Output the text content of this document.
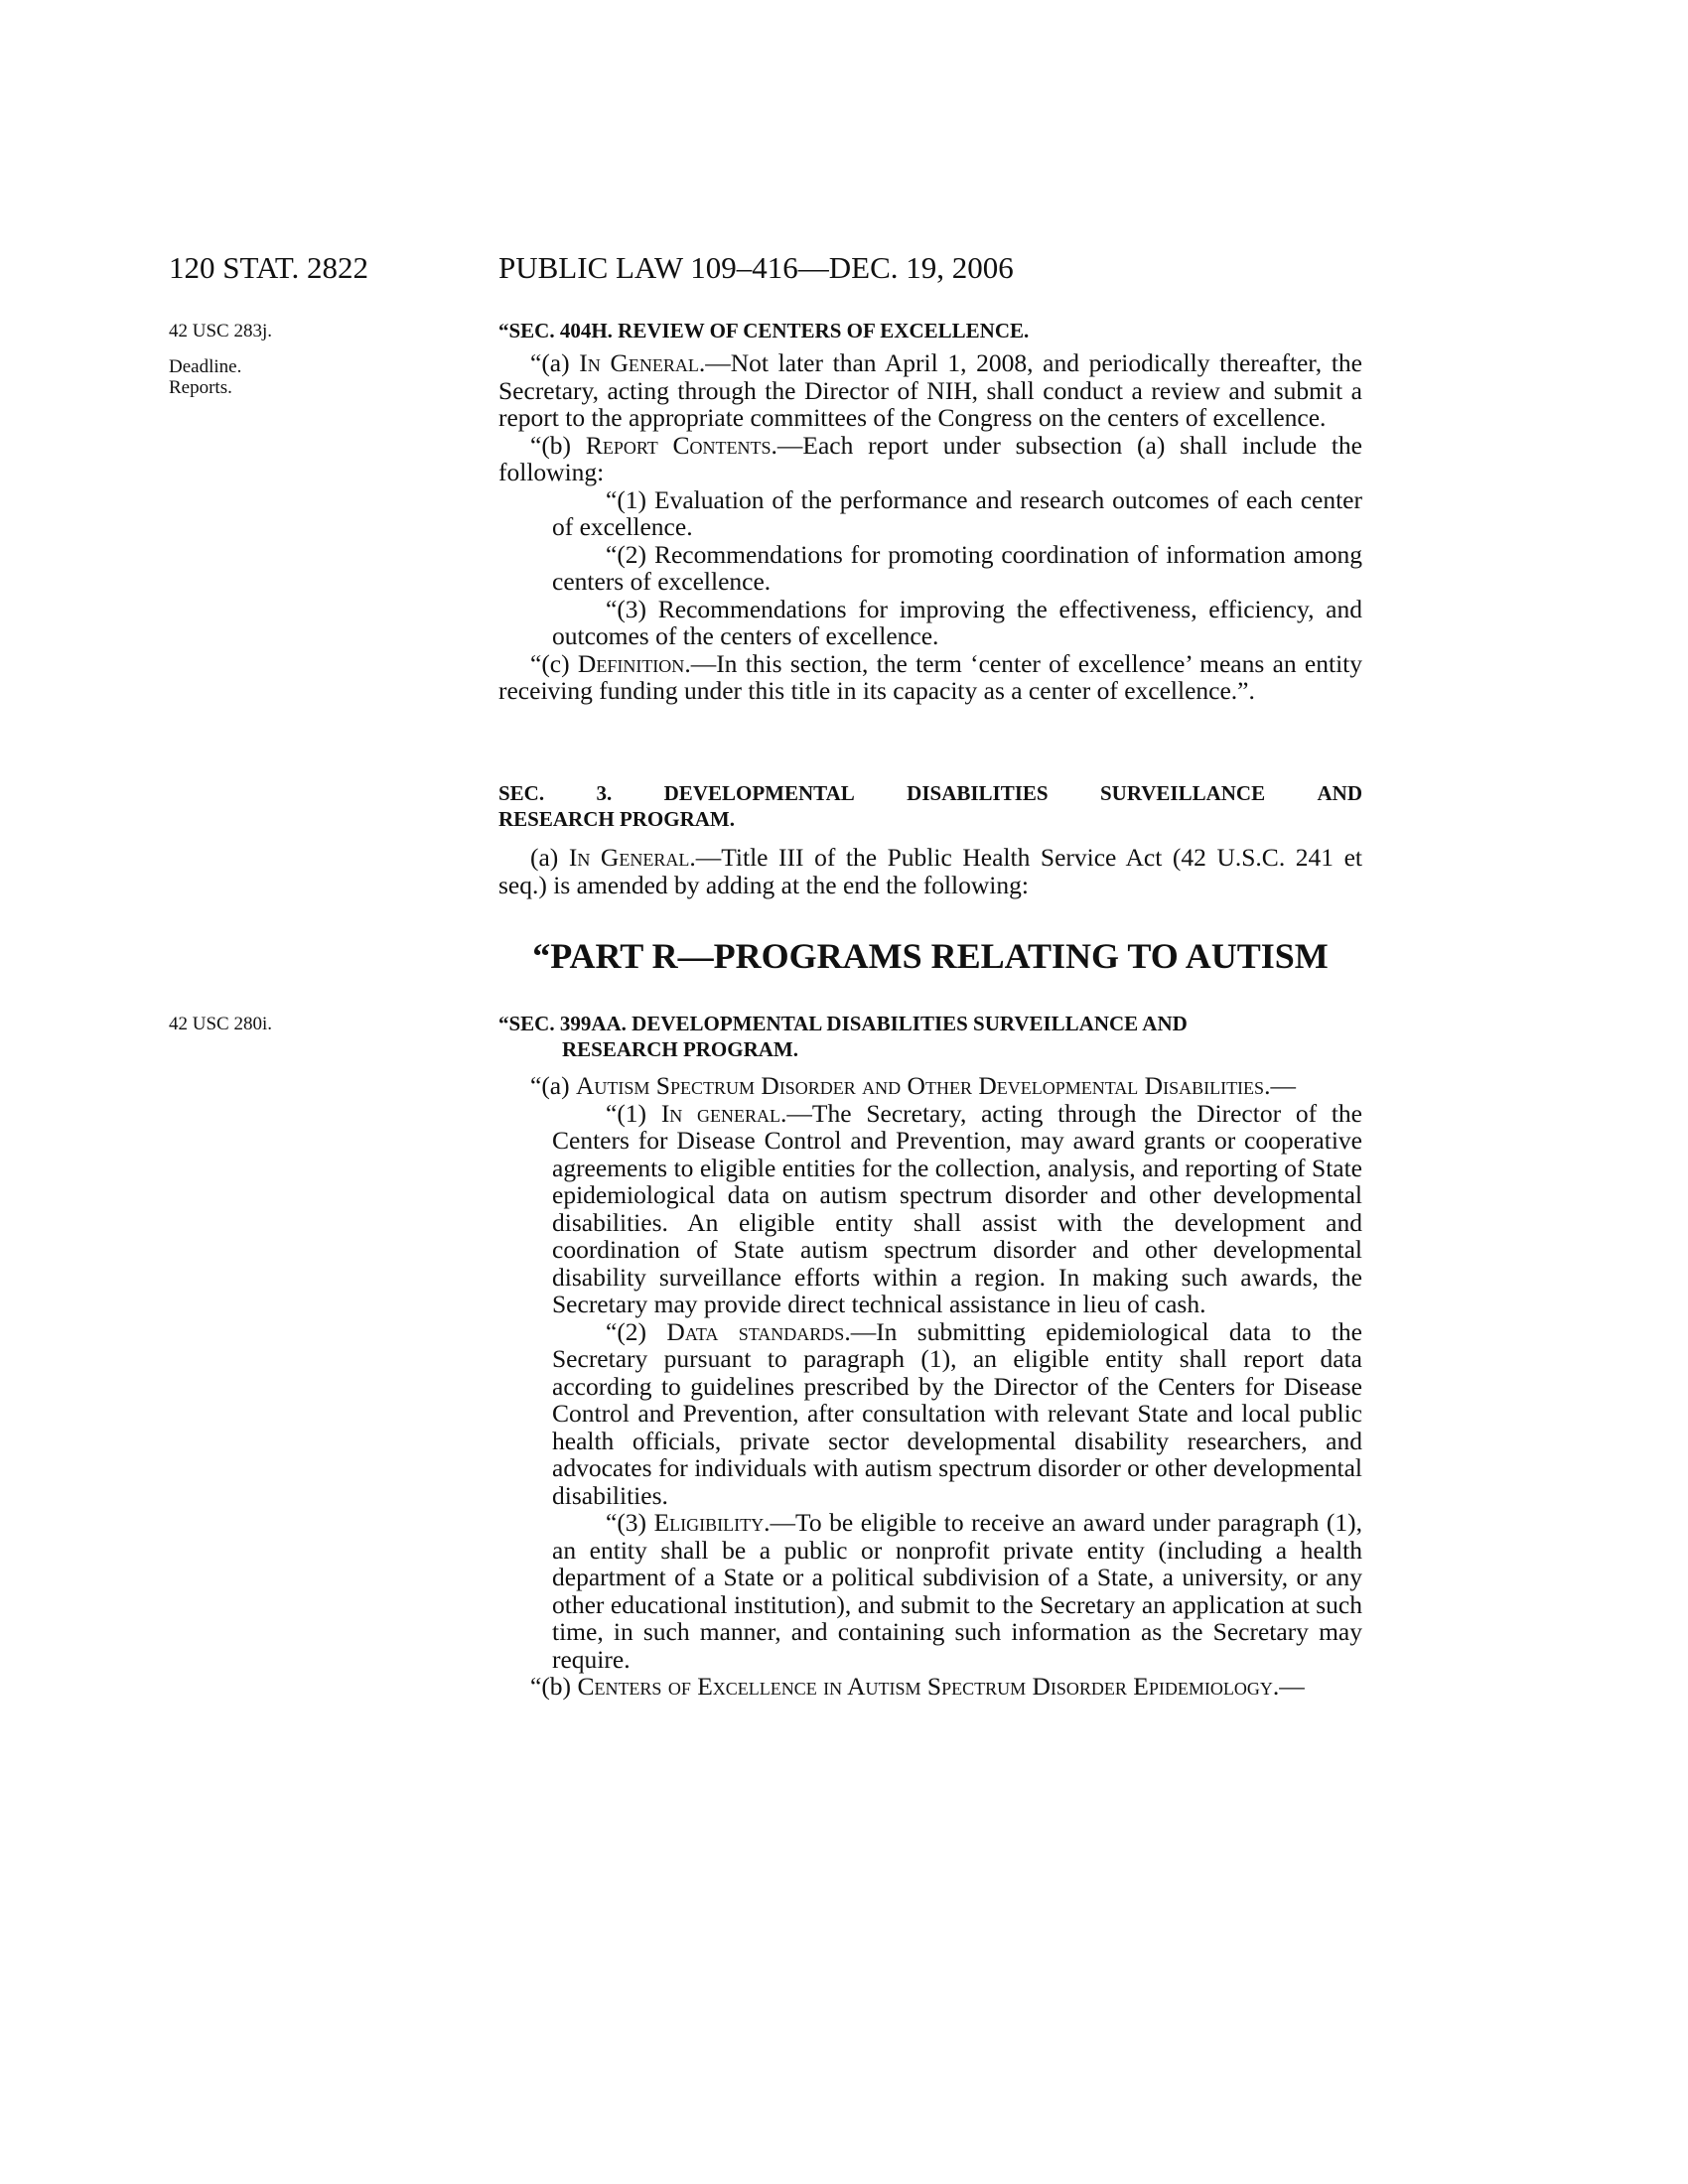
120 STAT. 2822	PUBLIC LAW 109–416—DEC. 19, 2006
42 USC 283j.
Deadline.
Reports.
42 USC 280i.
“SEC. 404H. REVIEW OF CENTERS OF EXCELLENCE.

“(a) In General.—Not later than April 1, 2008, and periodically thereafter, the Secretary, acting through the Director of NIH, shall conduct a review and submit a report to the appropriate committees of the Congress on the centers of excellence.

“(b) Report Contents.—Each report under subsection (a) shall include the following:

“(1) Evaluation of the performance and research outcomes of each center of excellence.

“(2) Recommendations for promoting coordination of information among centers of excellence.

“(3) Recommendations for improving the effectiveness, efficiency, and outcomes of the centers of excellence.

“(c) Definition.—In this section, the term ‘center of excellence’ means an entity receiving funding under this title in its capacity as a center of excellence.”.

SEC. 3. DEVELOPMENTAL DISABILITIES SURVEILLANCE AND
RESEARCH PROGRAM.

(a) In General.—Title III of the Public Health Service Act (42 U.S.C. 241 et seq.) is amended by adding at the end the following:

“PART R—PROGRAMS RELATING TO AUTISM
“SEC. 399AA. DEVELOPMENTAL DISABILITIES SURVEILLANCE AND
RESEARCH PROGRAM.

“(a) Autism Spectrum Disorder and Other Developmental Disabilities.—

“(1) In general.—The Secretary, acting through the Director of the Centers for Disease Control and Prevention, may award grants or cooperative agreements to eligible entities for the collection, analysis, and reporting of State epidemiological data on autism spectrum disorder and other developmental disabilities. An eligible entity shall assist with the development and coordination of State autism spectrum disorder and other developmental disability surveillance efforts within a region. In making such awards, the Secretary may provide direct technical assistance in lieu of cash.

“(2) Data standards.—In submitting epidemiological data to the Secretary pursuant to paragraph (1), an eligible entity shall report data according to guidelines prescribed by the Director of the Centers for Disease Control and Prevention, after consultation with relevant State and local public health officials, private sector developmental disability researchers, and advocates for individuals with autism spectrum disorder or other developmental disabilities.

“(3) Eligibility.—To be eligible to receive an award under paragraph (1), an entity shall be a public or nonprofit private entity (including a health department of a State or a political subdivision of a State, a university, or any other educational institution), and submit to the Secretary an application at such time, in such manner, and containing such information as the Secretary may require.

“(b) Centers of Excellence in Autism Spectrum Disorder Epidemiology.—
